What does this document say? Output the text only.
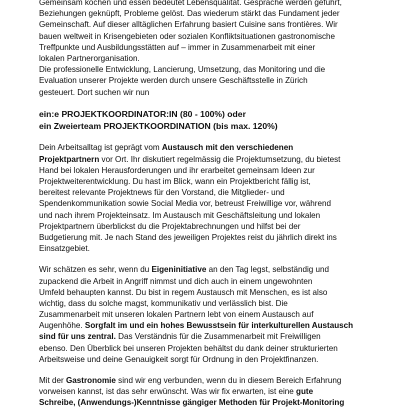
Gemeinsam kochen und essen bedeutet Lebensqualität. Gespräche werden geführt,
Beziehungen geknüpft, Probleme gelöst. Das wiederum stärkt das Fundament jeder
Gemeinschaft. Auf dieser alltäglichen Erfahrung basiert Cuisine sans frontières. Wir
bauen weltweit in Krisengebieten oder sozialen Konfliktsituationen gastronomische
Treffpunkte und Ausbildungsstätten auf – immer in Zusammenarbeit mit einer
lokalen Partnerorganisation.
Die professionelle Entwicklung, Lancierung, Umsetzung, das Monitoring und die
Evaluation unserer Projekte werden durch unsere Geschäftsstelle in Zürich
gesteuert. Dort suchen wir nun
ein:e PROJEKTKOORDINATOR:IN (80 - 100%) oder
ein Zweierteam PROJEKTKOORDINATION (bis max. 120%)
Dein Arbeitsalltag ist geprägt vom Austausch mit den verschiedenen
Projektpartnern vor Ort. Ihr diskutiert regelmässig die Projektumsetzung, du bietest
Hand bei lokalen Herausforderungen und ihr erarbeitet gemeinsam Ideen zur
Projektweiterentwicklung. Du hast im Blick, wann ein Projektbericht fällig ist,
bereitest relevante Projektnews für den Vorstand, die Mitglieder- und
Spendenkommunikation sowie Social Media vor, betreust Freiwillige vor, während
und nach ihrem Projekteinsatz. Im Austausch mit Geschäftsleitung und lokalen
Projektpartnern überblickst du die Projektabrechnungen und hilfst bei der
Budgetierung mit. Je nach Stand des jeweiligen Projektes reist du jährlich direkt ins
Einsatzgebiet.
Wir schätzen es sehr, wenn du Eigeninitiative an den Tag legst, selbständig und
zupackend die Arbeit in Angriff nimmst und dich auch in einem ungewohnten
Umfeld behaupten kannst. Du bist in regem Austausch mit Menschen, es ist also
wichtig, dass du solche magst, kommunikativ und verlässlich bist. Die
Zusammenarbeit mit unseren lokalen Partnern lebt von einem Austausch auf
Augenhöhe. Sorgfalt im und ein hohes Bewusstsein für interkulturellen Austausch
sind für uns zentral. Das Verständnis für die Zusammenarbeit mit Freiwilligen
ebenso. Den Überblick bei unseren Projekten behältst du dank deiner strukturierten
Arbeitsweise und deine Genauigkeit sorgt für Ordnung in den Projektfinanzen.
Mit der Gastronomie sind wir eng verbunden, wenn du in diesem Bereich Erfahrung
vorweisen kannst, ist das sehr erwünscht. Was wir fix erwarten, ist eine gute
Schreibe, (Anwendungs-)Kenntnisse gängiger Methoden für Projekt-Monitoring
